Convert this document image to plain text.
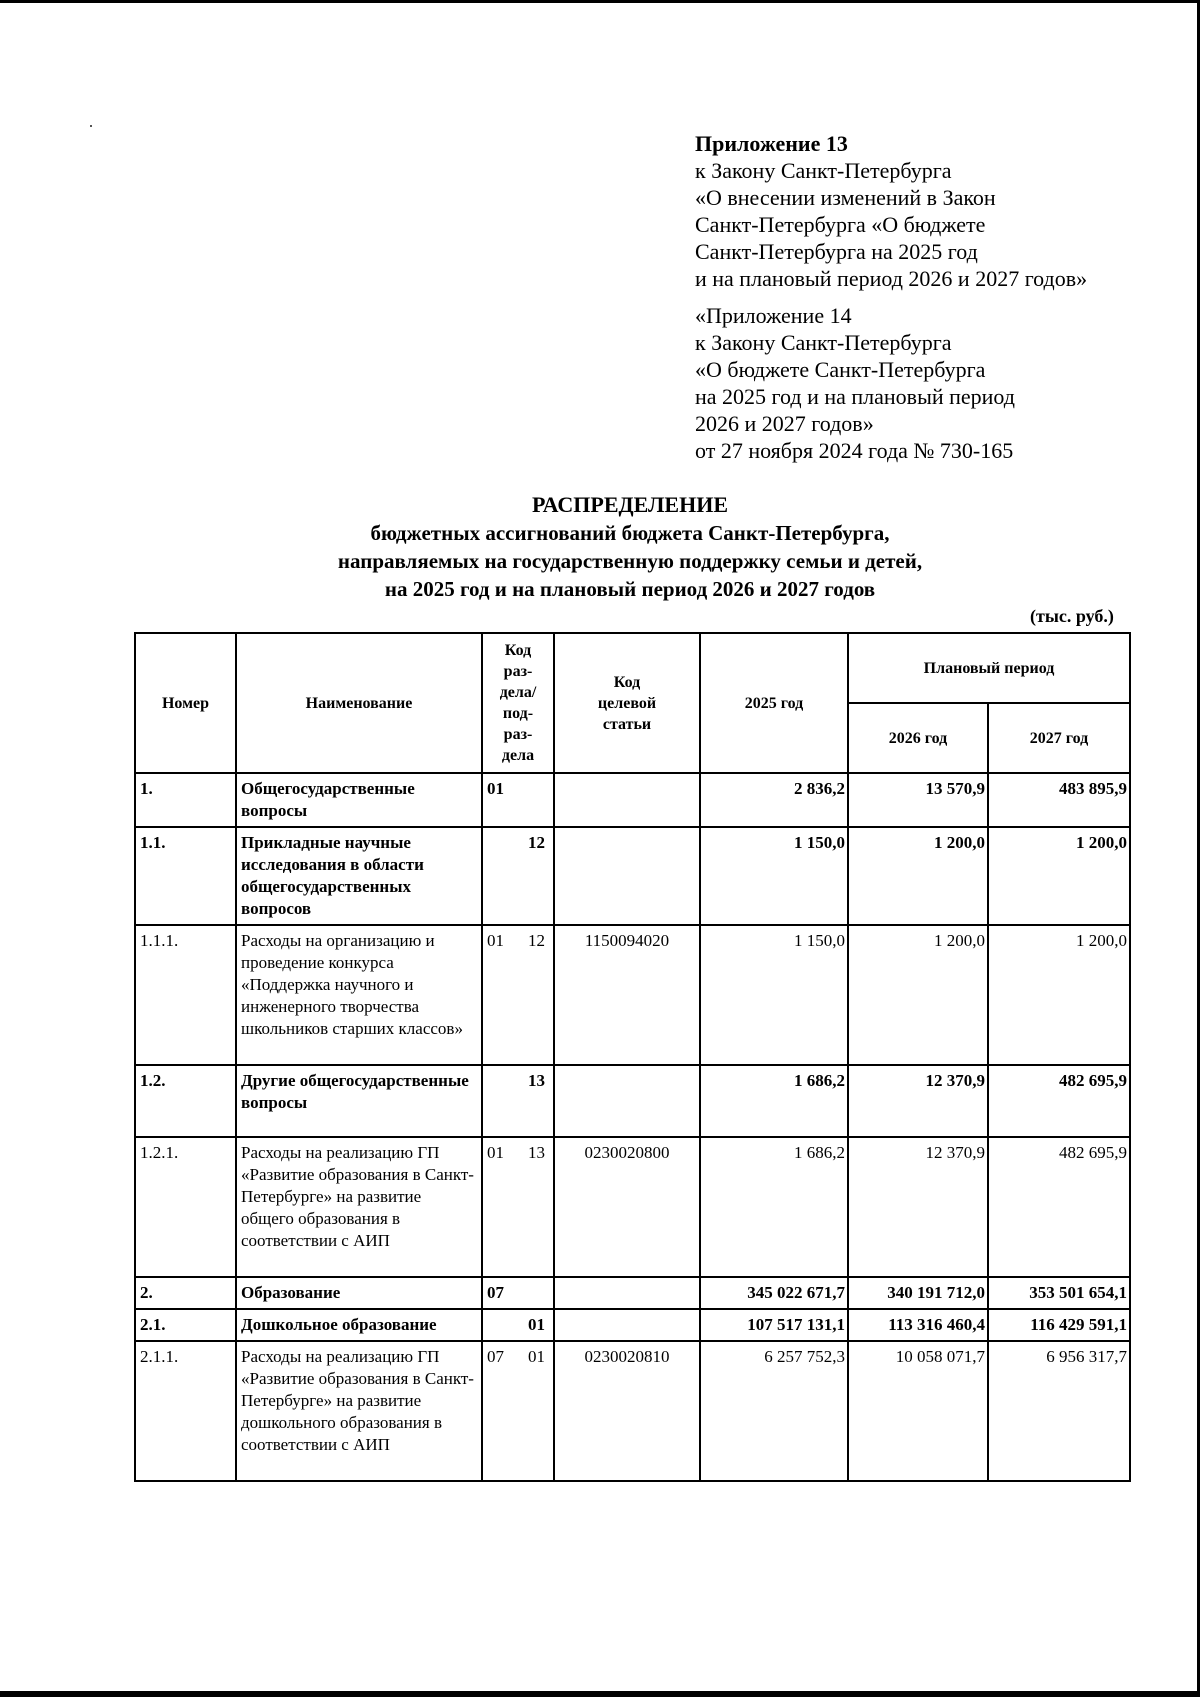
Приложение 13
к Закону Санкт-Петербурга
«О внесении изменений в Закон
Санкт-Петербурга «О бюджете
Санкт-Петербурга на 2025 год
и на плановый период 2026 и 2027 годов»
«Приложение 14
к Закону Санкт-Петербурга
«О бюджете Санкт-Петербурга
на 2025 год и на плановый период
2026 и 2027 годов»
от 27 ноября 2024 года № 730-165
РАСПРЕДЕЛЕНИЕ
бюджетных ассигнований бюджета Санкт-Петербурга,
направляемых на государственную поддержку семьи и детей,
на 2025 год и на плановый период 2026 и 2027 годов
(тыс. руб.)
Номер	Наименование	Код раз- дела/ под- раз- дела	Код целевой статьи	2025 год	Плановый период	
					2026 год	2027 год
1.	Общегосударственные вопросы	01		2 836,2	13 570,9	483 895,9
1.1.	Прикладные научные исследования в области общегосударственных вопросов	12		1 150,0	1 200,0	1 200,0
1.1.1.	Расходы на организацию и проведение конкурса «Поддержка научного и инженерного творчества школьников старших классов»	01 12	1150094020	1 150,0	1 200,0	1 200,0
1.2.	Другие общегосударственные вопросы	13		1 686,2	12 370,9	482 695,9
1.2.1.	Расходы на реализацию ГП «Развитие образования в Санкт-Петербурге» на развитие общего образования в соответствии с АИП	01 13	0230020800	1 686,2	12 370,9	482 695,9
2.	Образование	07		345 022 671,7	340 191 712,0	353 501 654,1
2.1.	Дошкольное образование	01		107 517 131,1	113 316 460,4	116 429 591,1
2.1.1.	Расходы на реализацию ГП «Развитие образования в Санкт-Петербурге» на развитие дошкольного образования в соответствии с АИП	07 01	0230020810	6 257 752,3	10 058 071,7	6 956 317,7
